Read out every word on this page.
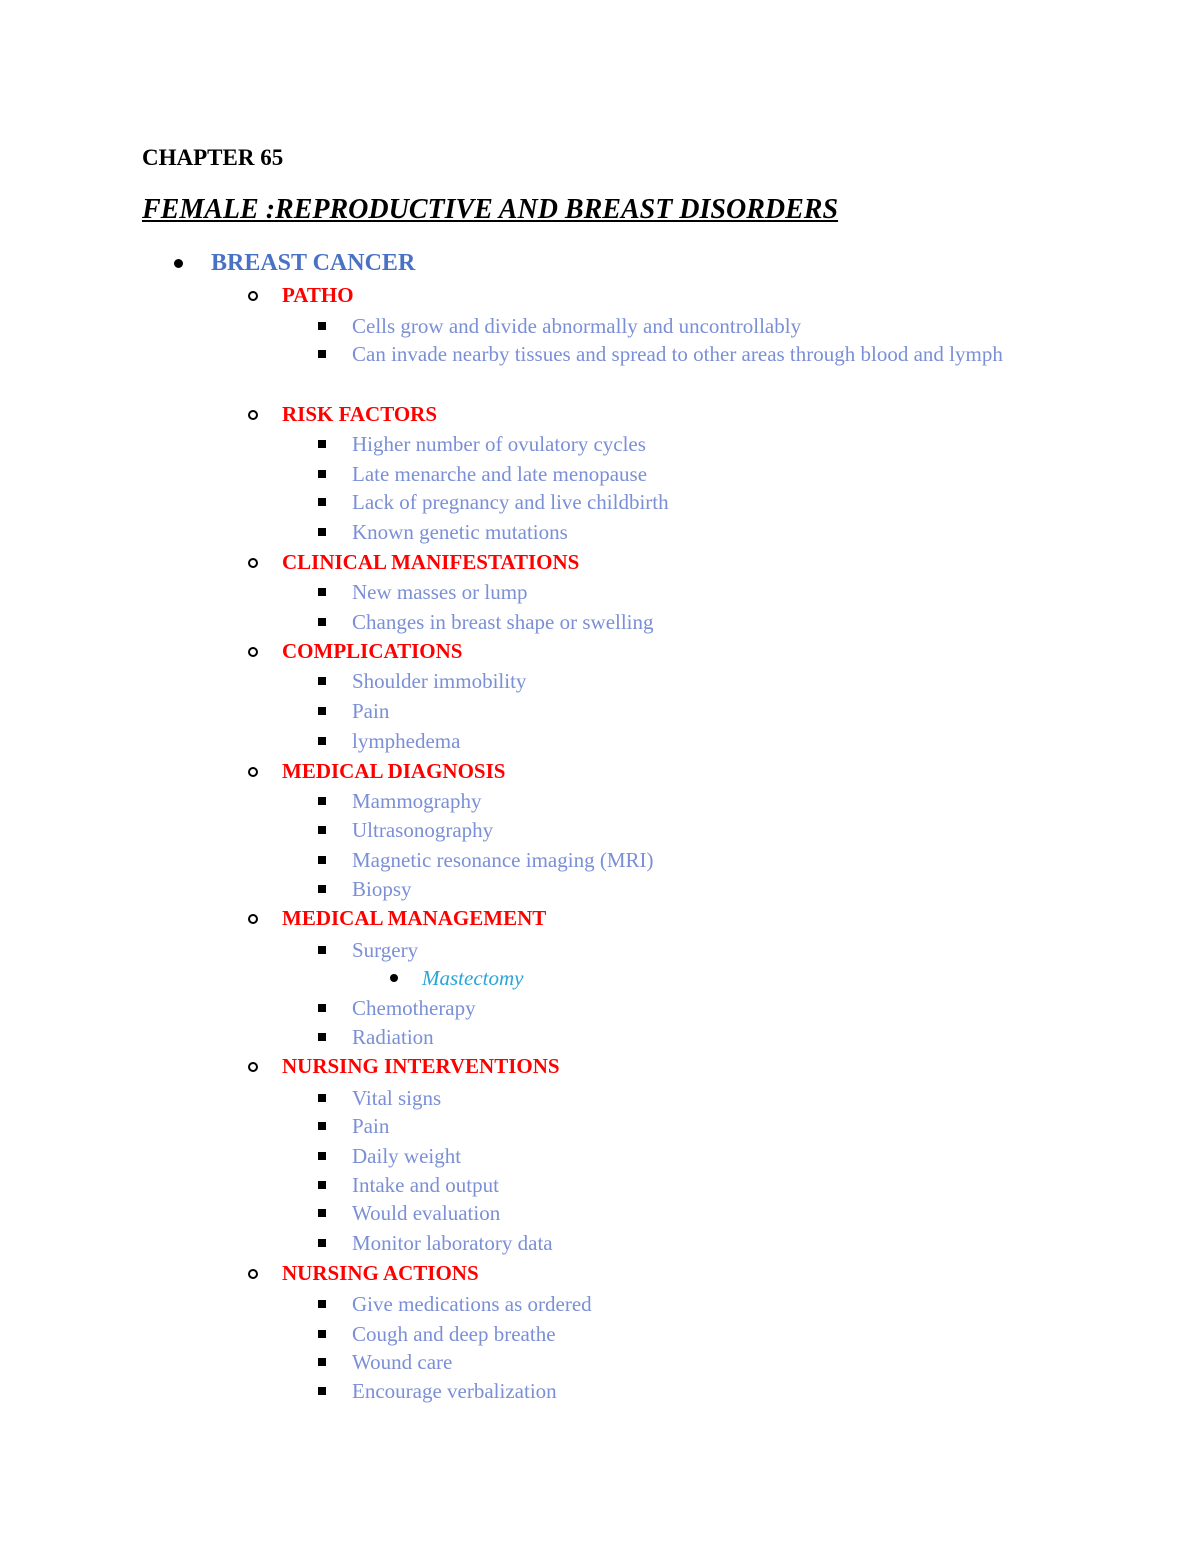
CHAPTER 65
FEMALE :REPRODUCTIVE AND BREAST DISORDERS
BREAST CANCER
PATHO
Cells grow and divide abnormally and uncontrollably
Can invade nearby tissues and spread to other areas through blood and lymph
RISK FACTORS
Higher number of ovulatory cycles
Late menarche and late menopause
Lack of pregnancy and live childbirth
Known genetic mutations
CLINICAL MANIFESTATIONS
New masses or lump
Changes in breast shape or swelling
COMPLICATIONS
Shoulder immobility
Pain
lymphedema
MEDICAL DIAGNOSIS
Mammography
Ultrasonography
Magnetic resonance imaging (MRI)
Biopsy
MEDICAL MANAGEMENT
Surgery
Mastectomy
Chemotherapy
Radiation
NURSING INTERVENTIONS
Vital signs
Pain
Daily weight
Intake and output
Would evaluation
Monitor laboratory data
NURSING ACTIONS
Give medications as ordered
Cough and deep breathe
Wound care
Encourage verbalization
